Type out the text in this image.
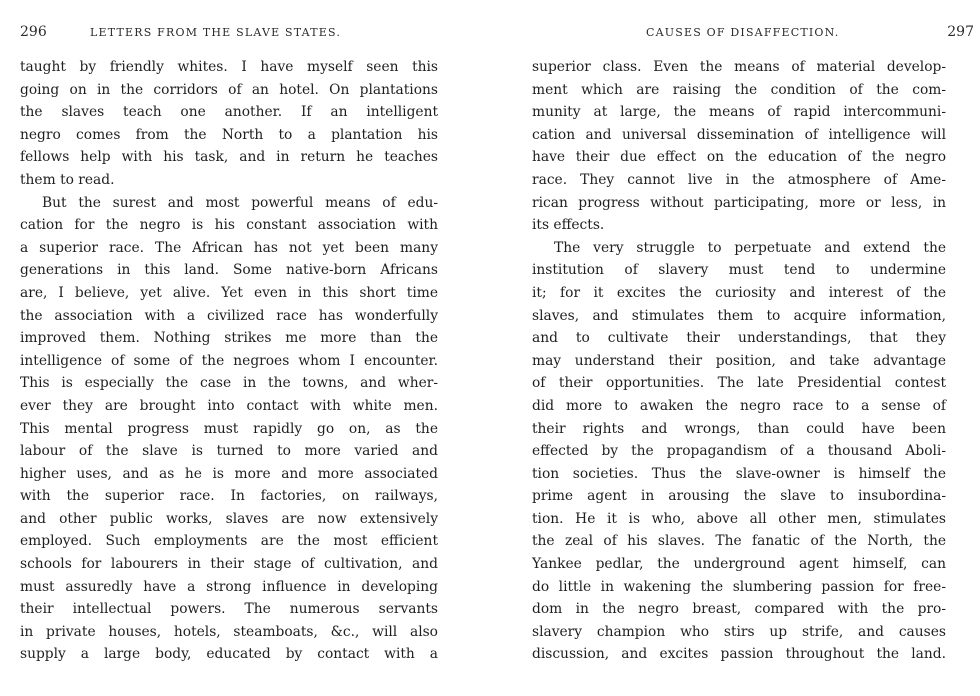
296	LETTERS FROM THE SLAVE STATES.
taught by friendly whites. I have myself seen this
going on in the corridors of an hotel. On plantations
the slaves teach one another. If an intelligent
negro comes from the North to a plantation his
fellows help with his task, and in return he teaches
them to read.
But the surest and most powerful means of edu-
cation for the negro is his constant association with
a superior race. The African has not yet been many
generations in this land. Some native-born Africans
are, I believe, yet alive. Yet even in this short time
the association with a civilized race has wonderfully
improved them. Nothing strikes me more than the
intelligence of some of the negroes whom I encounter.
This is especially the case in the towns, and wher-
ever they are brought into contact with white men.
This mental progress must rapidly go on, as the
labour of the slave is turned to more varied and
higher uses, and as he is more and more associated
with the superior race. In factories, on railways,
and other public works, slaves are now extensively
employed. Such employments are the most efficient
schools for labourers in their stage of cultivation, and
must assuredly have a strong influence in developing
their intellectual powers. The numerous servants
in private houses, hotels, steamboats, &c., will also
supply a large body, educated by contact with a
CAUSES OF DISAFFECTION.	297
superior class. Even the means of material develop-
ment which are raising the condition of the com-
munity at large, the means of rapid intercommuni-
cation and universal dissemination of intelligence will
have their due effect on the education of the negro
race. They cannot live in the atmosphere of Ame-
rican progress without participating, more or less, in
its effects.
The very struggle to perpetuate and extend the
institution of slavery must tend to undermine
it; for it excites the curiosity and interest of the
slaves, and stimulates them to acquire information,
and to cultivate their understandings, that they
may understand their position, and take advantage
of their opportunities. The late Presidential contest
did more to awaken the negro race to a sense of
their rights and wrongs, than could have been
effected by the propagandism of a thousand Aboli-
tion societies. Thus the slave-owner is himself the
prime agent in arousing the slave to insubordina-
tion. He it is who, above all other men, stimulates
the zeal of his slaves. The fanatic of the North, the
Yankee pedlar, the underground agent himself, can
do little in wakening the slumbering passion for free-
dom in the negro breast, compared with the pro-
slavery champion who stirs up strife, and causes
discussion, and excites passion throughout the land.
